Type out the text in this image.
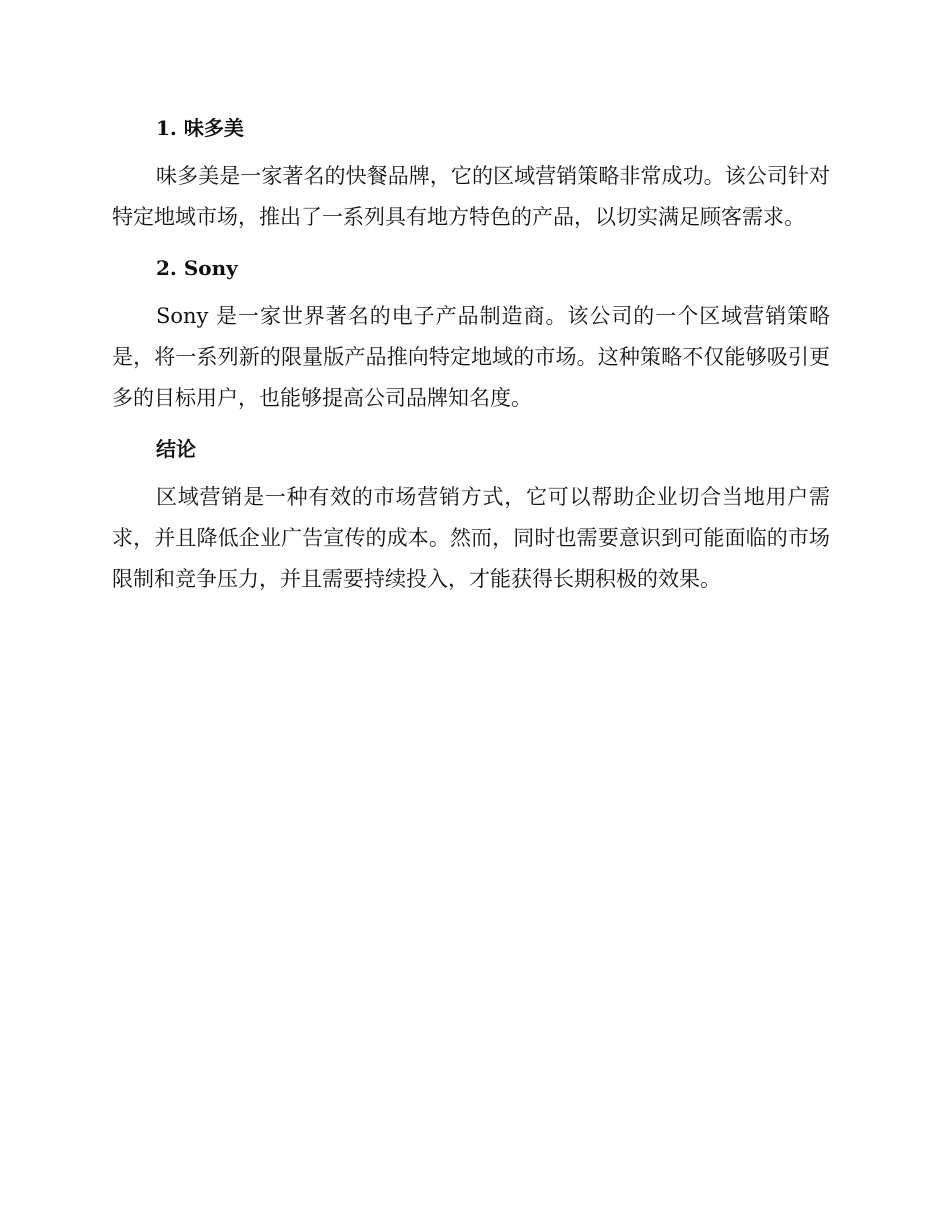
1. 味多美

味多美是一家著名的快餐品牌，它的区域营销策略非常成功。该公司针对特定地域市场，推出了一系列具有地方特色的产品，以切实满足顾客需求。

2. Sony

Sony 是一家世界著名的电子产品制造商。该公司的一个区域营销策略是，将一系列新的限量版产品推向特定地域的市场。这种策略不仅能够吸引更多的目标用户，也能够提高公司品牌知名度。

结论

区域营销是一种有效的市场营销方式，它可以帮助企业切合当地用户需求，并且降低企业广告宣传的成本。然而，同时也需要意识到可能面临的市场限制和竞争压力，并且需要持续投入，才能获得长期积极的效果。
